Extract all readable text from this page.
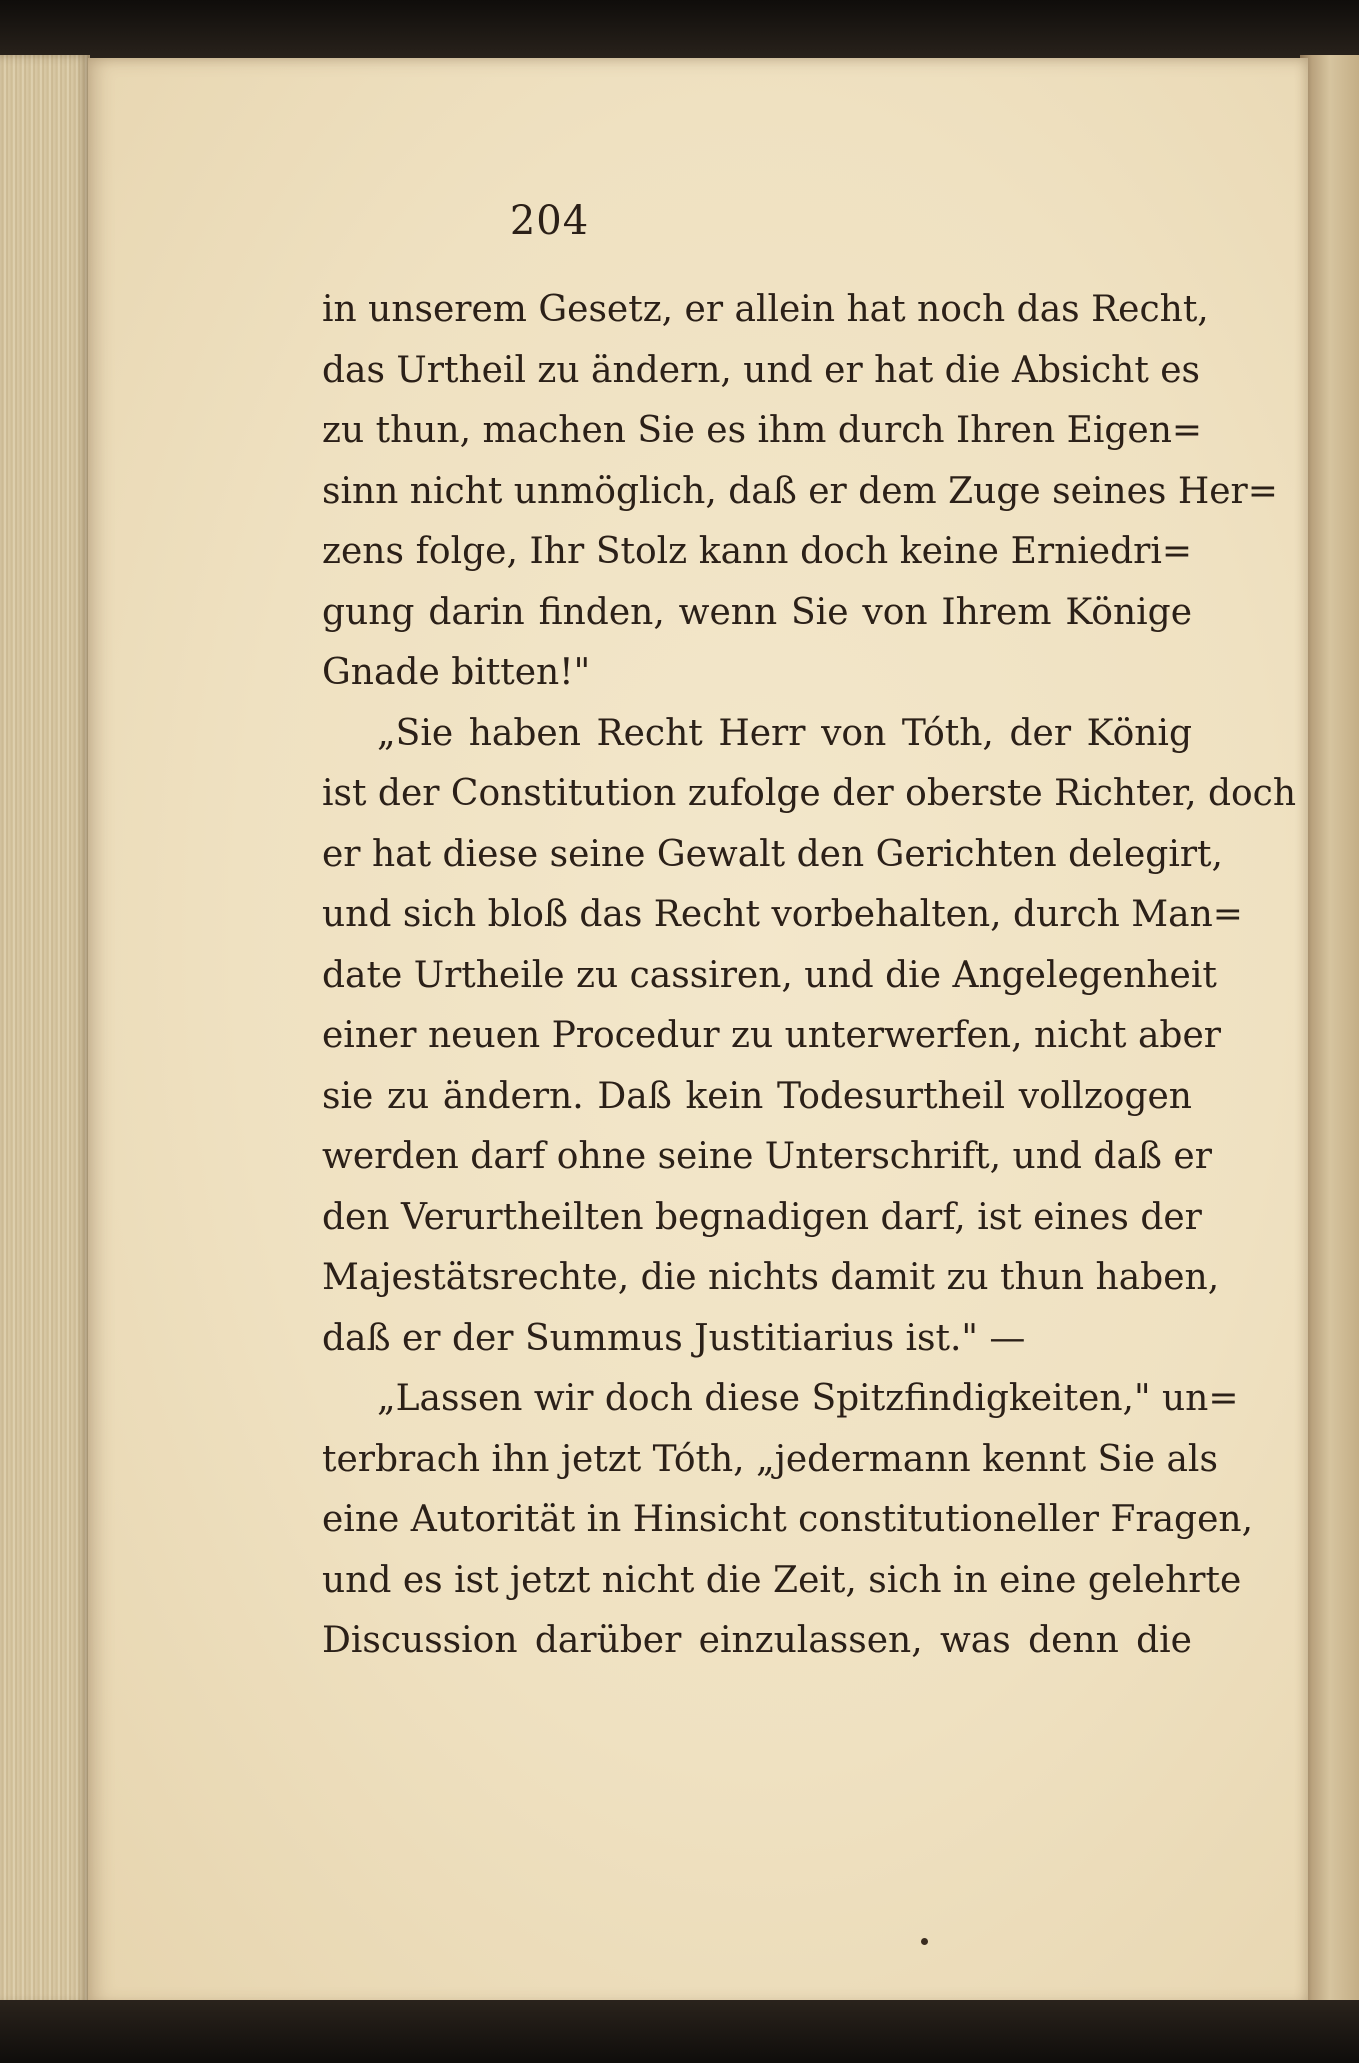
204
in unserem Gesetz, er allein hat noch das Recht,
das Urtheil zu ändern, und er hat die Absicht es
zu thun, machen Sie es ihm durch Ihren Eigen=
sinn nicht unmöglich, daß er dem Zuge seines Her=
zens folge, Ihr Stolz kann doch keine Erniedri=
gung darin finden, wenn Sie von Ihrem Könige
Gnade bitten!"
„Sie haben Recht Herr von Tóth, der König
ist der Constitution zufolge der oberste Richter, doch
er hat diese seine Gewalt den Gerichten delegirt,
und sich bloß das Recht vorbehalten, durch Man=
date Urtheile zu cassiren, und die Angelegenheit
einer neuen Procedur zu unterwerfen, nicht aber
sie zu ändern. Daß kein Todesurtheil vollzogen
werden darf ohne seine Unterschrift, und daß er
den Verurtheilten begnadigen darf, ist eines der
Majestätsrechte, die nichts damit zu thun haben,
daß er der Summus Justitiarius ist." —
„Lassen wir doch diese Spitzfindigkeiten," un=
terbrach ihn jetzt Tóth, „jedermann kennt Sie als
eine Autorität in Hinsicht constitutioneller Fragen,
und es ist jetzt nicht die Zeit, sich in eine gelehrte
Discussion darüber einzulassen, was denn die
